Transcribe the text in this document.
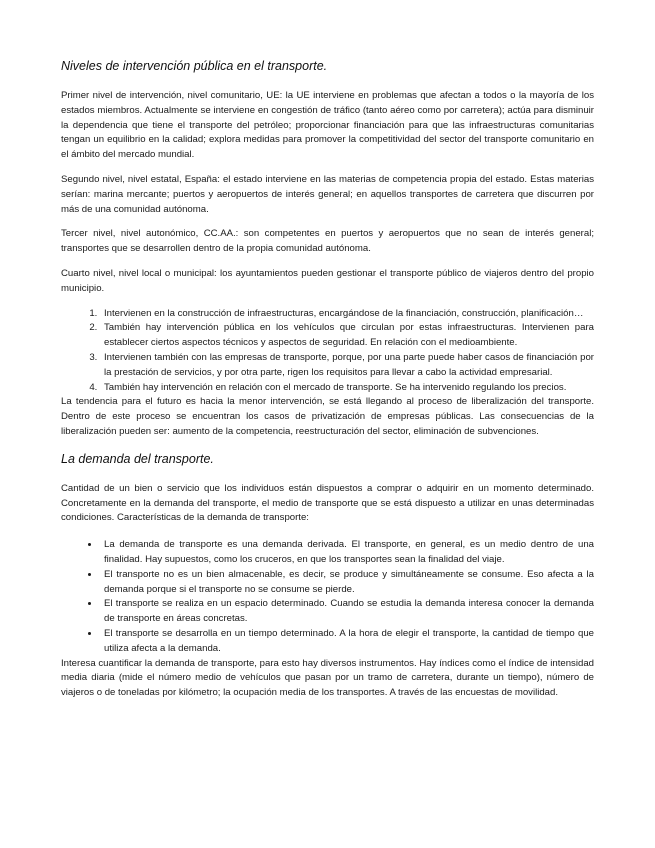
Niveles de intervención pública en el transporte.

Primer nivel de intervención, nivel comunitario, UE: la UE interviene en problemas que afectan a todos o la mayoría de los estados miembros. Actualmente se interviene en congestión de tráfico (tanto aéreo como por carretera); actúa para disminuir la dependencia que tiene el transporte del petróleo; proporcionar financiación para que las infraestructuras comunitarias tengan un equilibrio en la calidad; explora medidas para promover la competitividad del sector del transporte comunitario en el ámbito del mercado mundial.

Segundo nivel, nivel estatal, España: el estado interviene en las materias de competencia propia del estado. Estas materias serían: marina mercante; puertos y aeropuertos de interés general; en aquellos transportes de carretera que discurren por más de una comunidad autónoma.

Tercer nivel, nivel autonómico, CC.AA.: son competentes en puertos y aeropuertos que no sean de interés general; transportes que se desarrollen dentro de la propia comunidad autónoma.

Cuarto nivel, nivel local o municipal: los ayuntamientos pueden gestionar el transporte público de viajeros dentro del propio municipio.

1. Intervienen en la construcción de infraestructuras, encargándose de la financiación, construcción, planificación…
2. También hay intervención pública en los vehículos que circulan por estas infraestructuras. Intervienen para establecer ciertos aspectos técnicos y aspectos de seguridad. En relación con el medioambiente.
3. Intervienen también con las empresas de transporte, porque, por una parte puede haber casos de financiación por la prestación de servicios, y por otra parte, rigen los requisitos para llevar a cabo la actividad empresarial.
4. También hay intervención en relación con el mercado de transporte. Se ha intervenido regulando los precios.

La tendencia para el futuro es hacia la menor intervención, se está llegando al proceso de liberalización del transporte. Dentro de este proceso se encuentran los casos de privatización de empresas públicas. Las consecuencias de la liberalización pueden ser: aumento de la competencia, reestructuración del sector, eliminación de subvenciones.

La demanda del transporte.

Cantidad de un bien o servicio que los individuos están dispuestos a comprar o adquirir en un momento determinado. Concretamente en la demanda del transporte, el medio de transporte que se está dispuesto a utilizar en unas determinadas condiciones. Características de la demanda de transporte:

• La demanda de transporte es una demanda derivada. El transporte, en general, es un medio dentro de una finalidad. Hay supuestos, como los cruceros, en que los transportes sean la finalidad del viaje.
• El transporte no es un bien almacenable, es decir, se produce y simultáneamente se consume. Eso afecta a la demanda porque si el transporte no se consume se pierde.
• El transporte se realiza en un espacio determinado. Cuando se estudia la demanda interesa conocer la demanda de transporte en áreas concretas.
• El transporte se desarrolla en un tiempo determinado. A la hora de elegir el transporte, la cantidad de tiempo que utiliza afecta a la demanda.

Interesa cuantificar la demanda de transporte, para esto hay diversos instrumentos. Hay índices como el índice de intensidad media diaria (mide el número medio de vehículos que pasan por un tramo de carretera, durante un tiempo), número de viajeros o de toneladas por kilómetro; la ocupación media de los transportes. A través de las encuestas de movilidad.
